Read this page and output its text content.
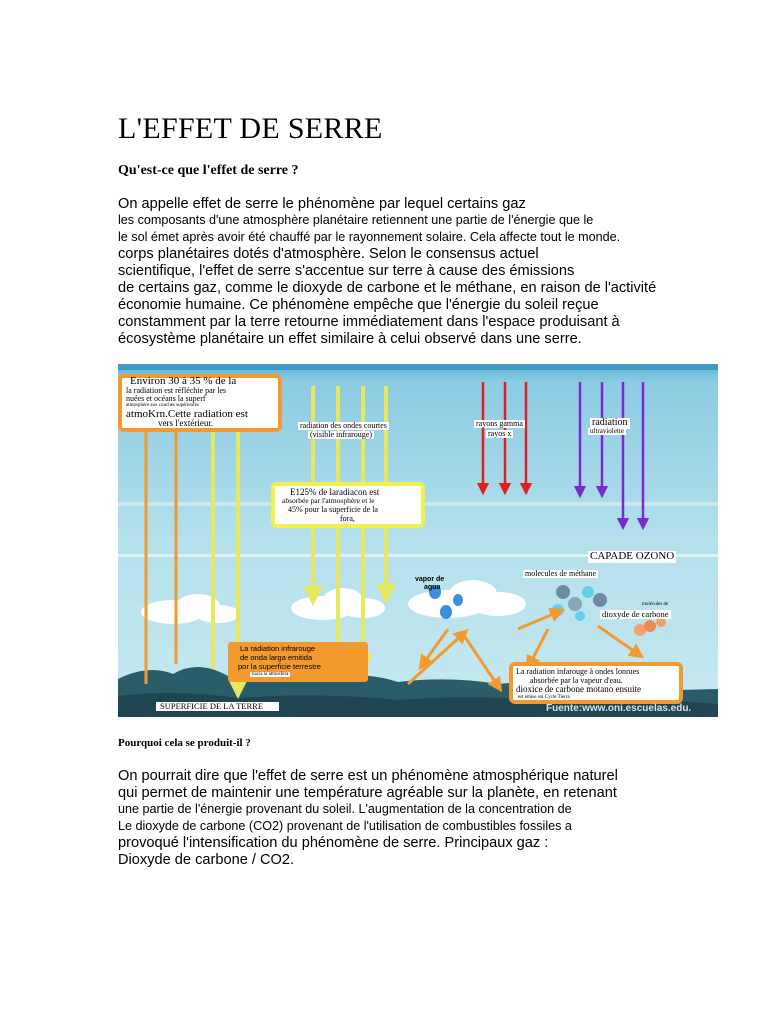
L'EFFET DE SERRE
Qu'est-ce que l'effet de serre ?
On appelle effet de serre le phénomène par lequel certains gaz
les composants d'une atmosphère planétaire retiennent une partie de l'énergie que le
le sol émet après avoir été chauffé par le rayonnement solaire. Cela affecte tout le monde.
corps planétaires dotés d'atmosphère. Selon le consensus actuel
scientifique, l'effet de serre s'accentue sur terre à cause des émissions
de certains gaz, comme le dioxyde de carbone et le méthane, en raison de l'activité
économie humaine. Ce phénomène empêche que l'énergie du soleil reçue
constamment par la terre retourne immédiatement dans l'espace produisant à
écosystème planétaire un effet similaire à celui observé dans une serre.
Environ 30 à 35 % de la
la radiation est réfléchie par les
nuées et océans la superf
atmosphère aux couches supérieures
atmoKrn.Cette radiation est
vers l'extérieur.	radiation des ondes courtes
(visible infrarouge)
rayons gamma
rayos x
radiation
ultraviolette
E125% de laradiacon est
absorbée par l'atmosphère et le
45% pour la superficie de la
fora,
CAPADE OZONO
molecules de méthane
molécules de
dioxyde de carbone
vapor de
agua
La radiation infrarouge
de onda larga emitida
por la superficie terrestre
hacia la atmosfera	La radiation infarouge à ondes lonrues
absorbée par la vapeur d'eau.
dioxice de carbone motano ensuite
est emise sol Cycle Tierra
SUPERFICIE DE LA TERRE	Fuente:www.oni.escuelas.edu.
Pourquoi cela se produit-il ?
On pourrait dire que l'effet de serre est un phénomène atmosphérique naturel
qui permet de maintenir une température agréable sur la planète, en retenant
une partie de l'énergie provenant du soleil. L'augmentation de la concentration de
Le dioxyde de carbone (CO2) provenant de l'utilisation de combustibles fossiles a
provoqué l'intensification du phénomène de serre. Principaux gaz :
Dioxyde de carbone / CO2.
